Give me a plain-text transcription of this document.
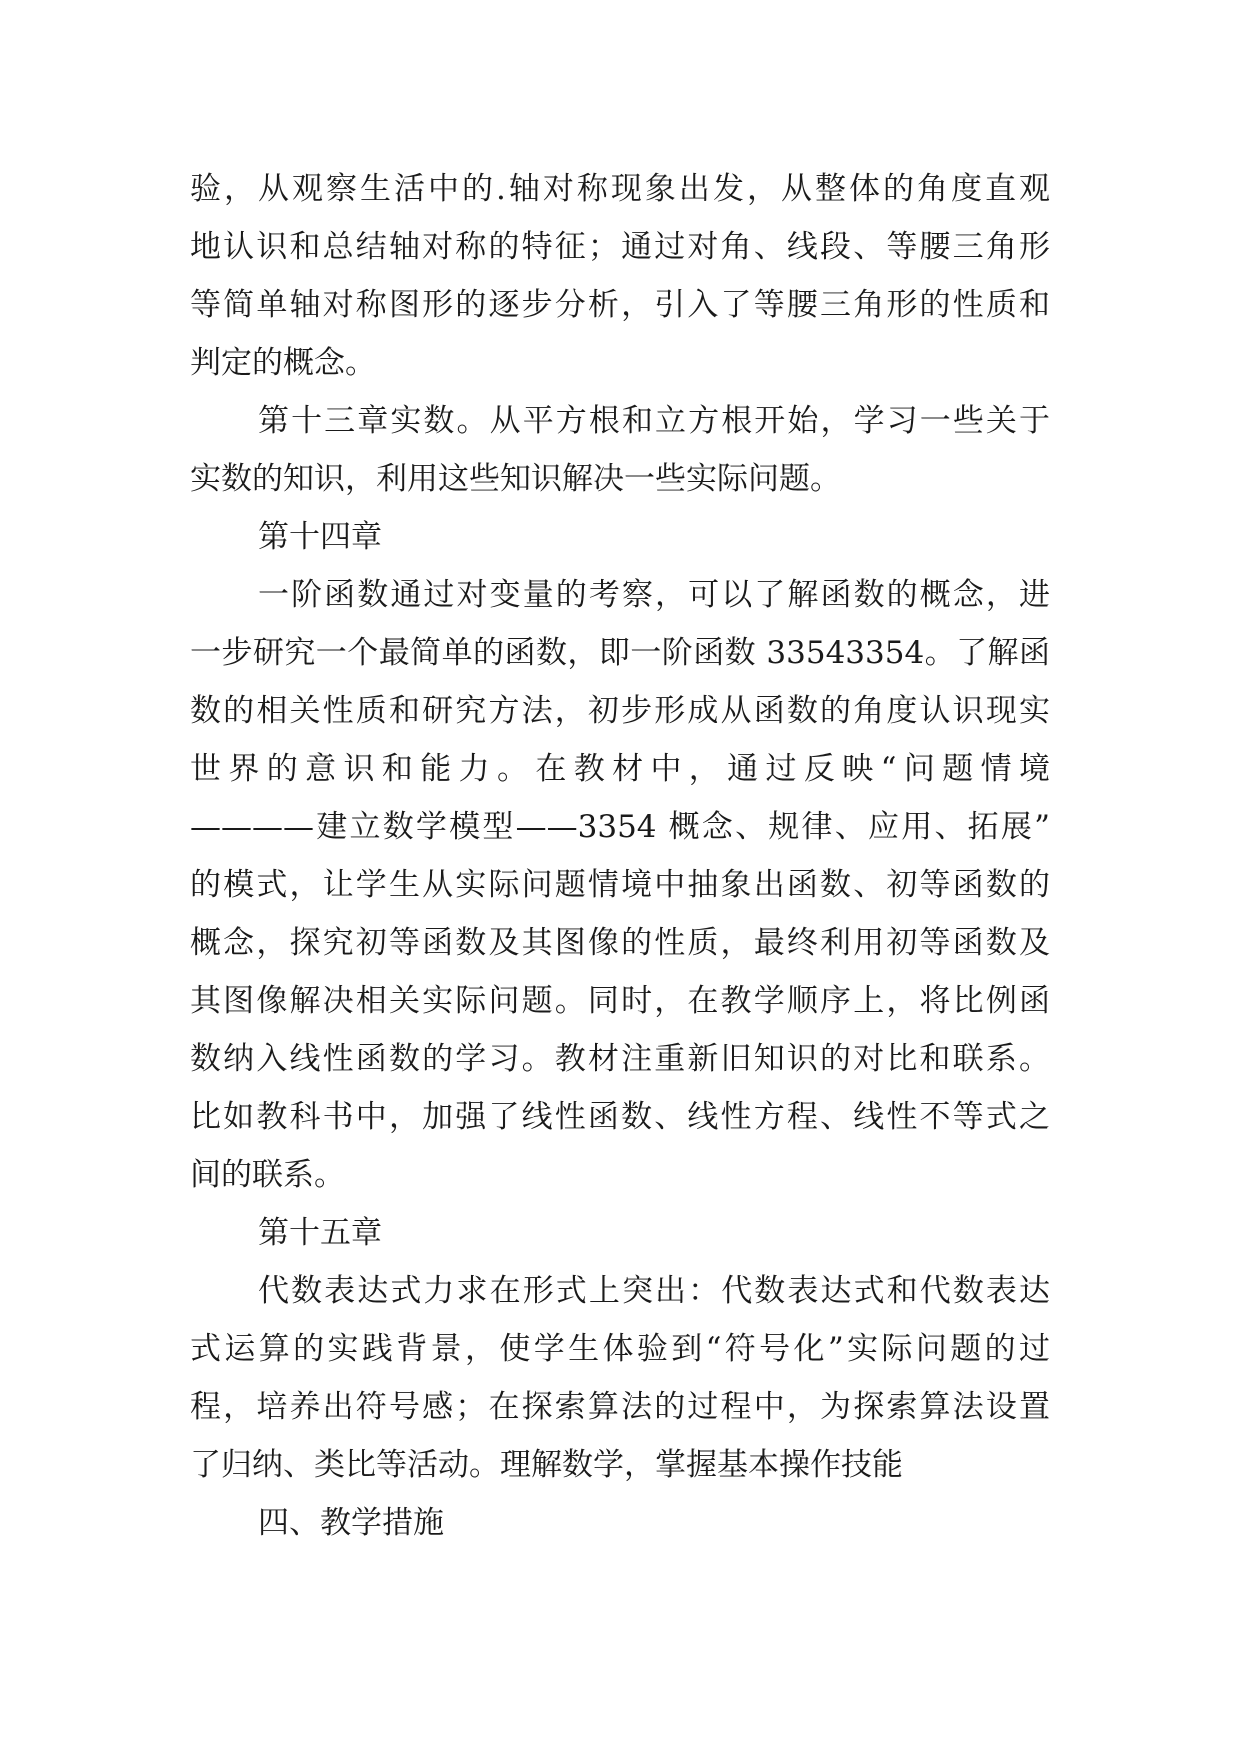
验，从观察生活中的.轴对称现象出发，从整体的角度直观
地认识和总结轴对称的特征；通过对角、线段、等腰三角形
等简单轴对称图形的逐步分析，引入了等腰三角形的性质和
判定的概念。
第十三章实数。从平方根和立方根开始，学习一些关于
实数的知识，利用这些知识解决一些实际问题。
第十四章
一阶函数通过对变量的考察，可以了解函数的概念，进
一步研究一个最简单的函数，即一阶函数 33543354。了解函
数的相关性质和研究方法，初步形成从函数的角度认识现实
世界的意识和能力。在教材中，通过反映“问题情境
————建立数学模型——3354 概念、规律、应用、拓展”
的模式，让学生从实际问题情境中抽象出函数、初等函数的
概念，探究初等函数及其图像的性质，最终利用初等函数及
其图像解决相关实际问题。同时，在教学顺序上，将比例函
数纳入线性函数的学习。教材注重新旧知识的对比和联系。
比如教科书中，加强了线性函数、线性方程、线性不等式之
间的联系。
第十五章
代数表达式力求在形式上突出：代数表达式和代数表达
式运算的实践背景，使学生体验到“符号化”实际问题的过
程，培养出符号感；在探索算法的过程中，为探索算法设置
了归纳、类比等活动。理解数学，掌握基本操作技能
四、教学措施
